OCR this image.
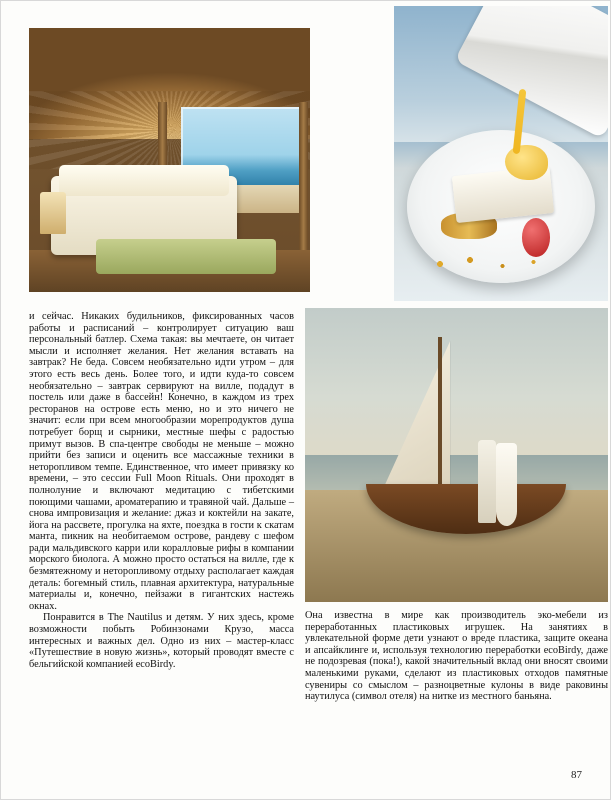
и сейчас. Никаких будильников, фиксированных часов работы и расписаний – контролирует ситуацию ваш персональный батлер. Схема такая: вы мечтаете, он читает мысли и исполняет желания. Нет желания вставать на завтрак? Не беда. Совсем необязательно идти утром – для этого есть весь день. Более того, и идти куда-то совсем необязательно – завтрак сервируют на вилле, подадут в постель или даже в бассейн! Конечно, в каждом из трех ресторанов на острове есть меню, но и это ничего не значит: если при всем многообразии морепродуктов душа потребует борщ и сырники, местные шефы с радостью примут вызов. В спа-центре свободы не меньше – можно прийти без записи и оценить все массажные техники в неторопливом темпе. Единственное, что имеет привязку ко времени, – это сессии Full Moon Rituals. Они проходят в полнолуние и включают медитацию с тибетскими поющими чашами, ароматерапию и травяной чай. Дальше – снова импровизация и желание: джаз и коктейли на закате, йога на рассвете, прогулка на яхте, поездка в гости к скатам манта, пикник на необитаемом острове, рандеву с шефом ради мальдивского карри или коралловые рифы в компании морского биолога. А можно просто остаться на вилле, где к безмятежному и неторопливому отдыху располагает каждая деталь: богемный стиль, плавная архитектура, натуральные материалы и, конечно, пейзажи в гигантских настежь окнах.

Понравится в The Nautilus и детям. У них здесь, кроме возможности побыть Робинзонами Крузо, масса интересных и важных дел. Одно из них – мастер-класс «Путешествие в новую жизнь», который проводят вместе с бельгийской компанией ecoBirdy.

Она известна в мире как производитель эко-мебели из переработанных пластиковых игрушек. На занятиях в увлекательной форме дети узнают о вреде пластика, защите океана и апсайклинге и, используя технологию переработки ecoBirdy, даже не подозревая (пока!), какой значительный вклад они вносят своими маленькими руками, сделают из пластиковых отходов памятные сувениры со смыслом – разноцветные кулоны в виде раковины наутилуса (символ отеля) на нитке из местного баньяна.

87
